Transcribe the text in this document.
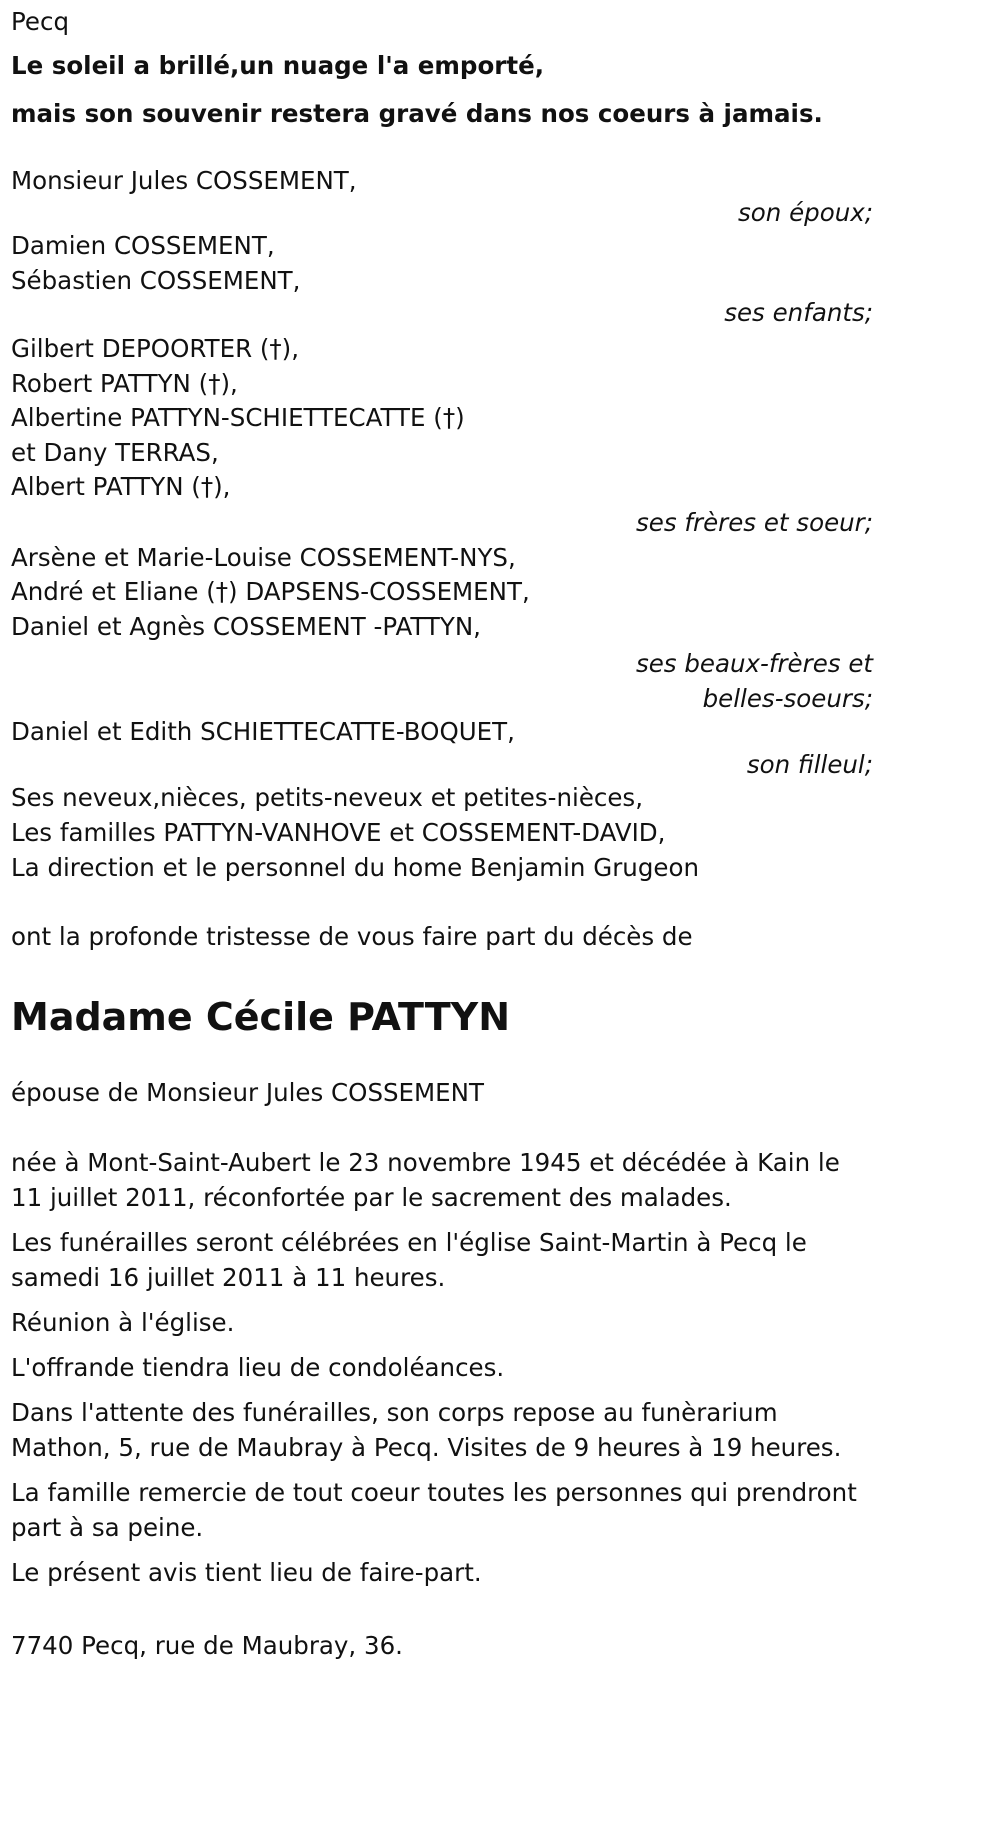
Pecq
Le soleil a brillé,un nuage l'a emporté,
mais son souvenir restera gravé dans nos coeurs à jamais.
Monsieur Jules COSSEMENT,
son époux;
Damien COSSEMENT,
Sébastien COSSEMENT,
ses enfants;
Gilbert DEPOORTER (†),
Robert PATTYN (†),
Albertine PATTYN-SCHIETTECATTE (†)
et Dany TERRAS,
Albert PATTYN (†),
ses frères et soeur;
Arsène et Marie-Louise COSSEMENT-NYS,
André et Eliane (†) DAPSENS-COSSEMENT,
Daniel et Agnès COSSEMENT -PATTYN,
ses beaux-frères et
belles-soeurs;
Daniel et Edith SCHIETTECATTE-BOQUET,
son filleul;
Ses neveux,nièces, petits-neveux et petites-nièces,
Les familles PATTYN-VANHOVE et COSSEMENT-DAVID,
La direction et le personnel du home Benjamin Grugeon
ont la profonde tristesse de vous faire part du décès de
Madame Cécile PATTYN
épouse de Monsieur Jules COSSEMENT

née à Mont-Saint-Aubert le 23 novembre 1945 et décédée à Kain le 11 juillet 2011, réconfortée par le sacrement des malades.

Les funérailles seront célébrées en l'église Saint-Martin à Pecq le samedi 16 juillet 2011 à 11 heures.

Réunion à l'église.

L'offrande tiendra lieu de condoléances.

Dans l'attente des funérailles, son corps repose au funèrarium Mathon, 5, rue de Maubray à Pecq. Visites de 9 heures à 19 heures.

La famille remercie de tout coeur toutes les personnes qui prendront part à sa peine.

Le présent avis tient lieu de faire-part.

7740 Pecq, rue de Maubray, 36.
